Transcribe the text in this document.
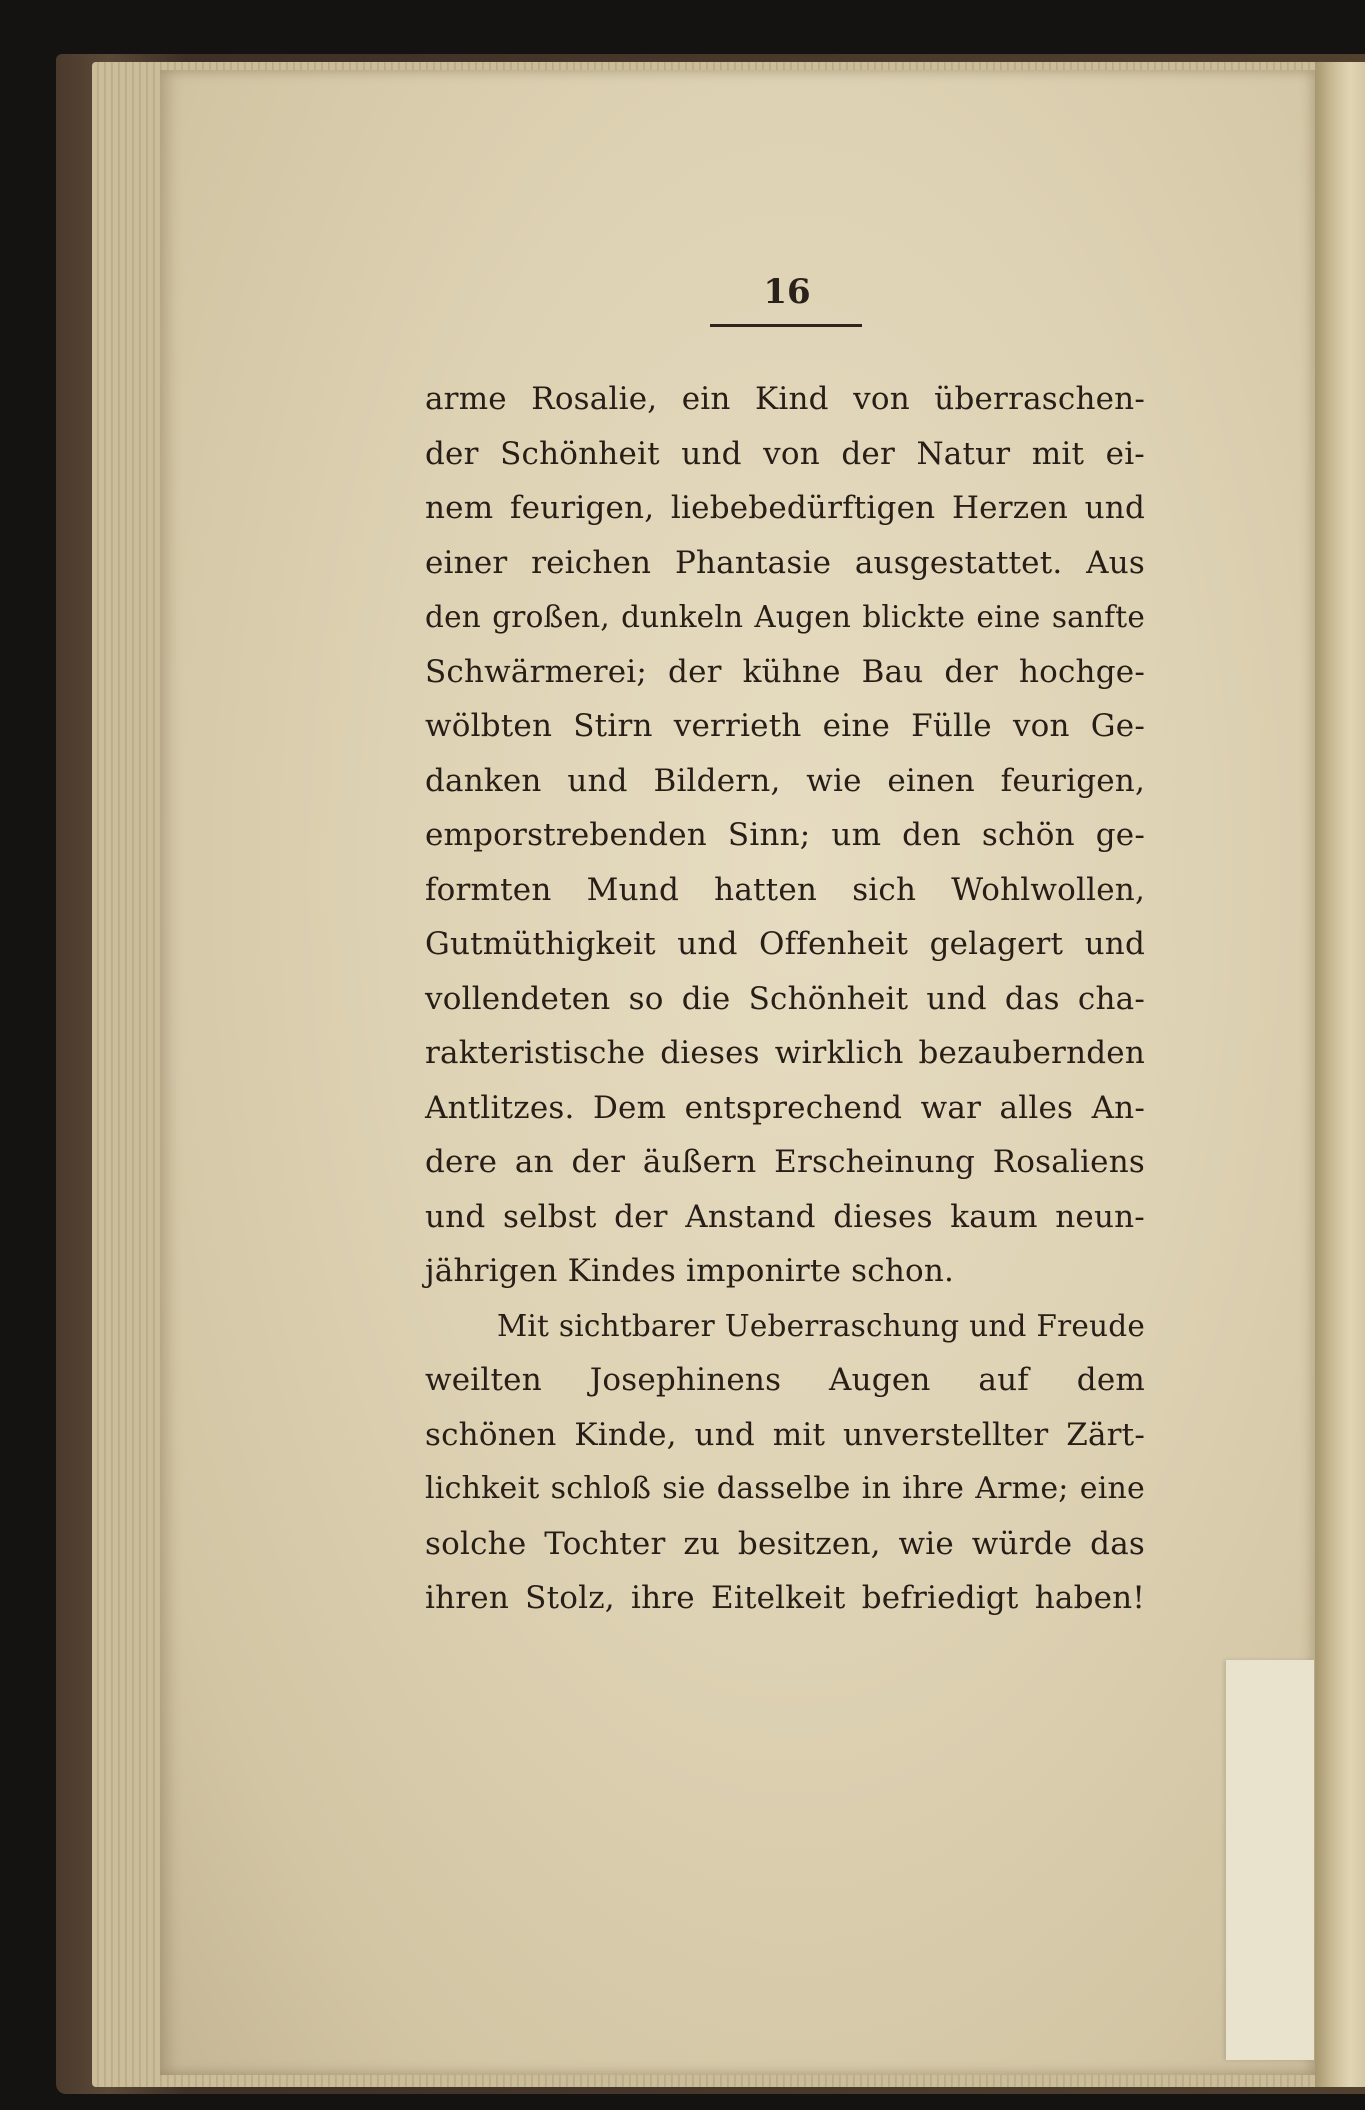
16
arme Rosalie, ein Kind von überraschen-
der Schönheit und von der Natur mit ei-
nem feurigen, liebebedürftigen Herzen und
einer reichen Phantasie ausgestattet. Aus
den großen, dunkeln Augen blickte eine sanfte
Schwärmerei; der kühne Bau der hochge-
wölbten Stirn verrieth eine Fülle von Ge-
danken und Bildern, wie einen feurigen,
emporstrebenden Sinn; um den schön ge-
formten Mund hatten sich Wohlwollen,
Gutmüthigkeit und Offenheit gelagert und
vollendeten so die Schönheit und das cha-
rakteristische dieses wirklich bezaubernden
Antlitzes. Dem entsprechend war alles An-
dere an der äußern Erscheinung Rosaliens
und selbst der Anstand dieses kaum neun-
jährigen Kindes imponirte schon.
Mit sichtbarer Ueberraschung und Freude
weilten Josephinens Augen auf dem
schönen Kinde, und mit unverstellter Zärt-
lichkeit schloß sie dasselbe in ihre Arme; eine
solche Tochter zu besitzen, wie würde das
ihren Stolz, ihre Eitelkeit befriedigt haben!
